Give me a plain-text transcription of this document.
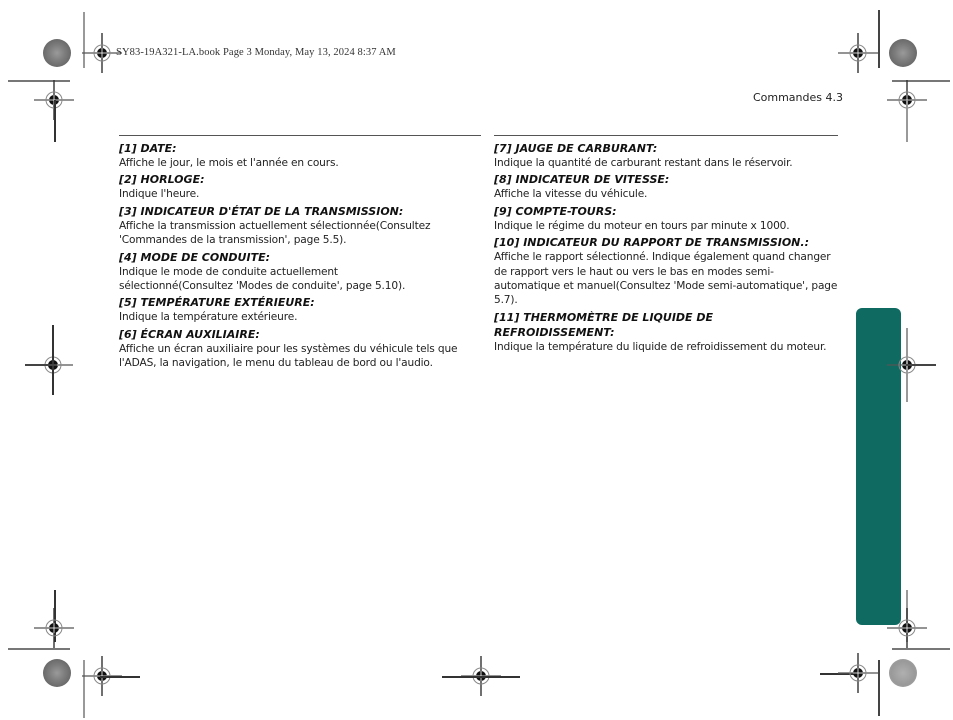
SY83-19A321-LA.book Page 3 Monday, May 13, 2024 8:37 AM
Commandes 4.3
[1] DATE:
Affiche le jour, le mois et l'année en cours.
[2] HORLOGE:
Indique l'heure.
[3] INDICATEUR D'ÉTAT DE LA TRANSMISSION:
Affiche la transmission actuellement sélectionnée(Consultez 'Commandes de la transmission', page 5.5).
[4] MODE DE CONDUITE:
Indique le mode de conduite actuellement sélectionné(Consultez 'Modes de conduite', page 5.10).
[5] TEMPÉRATURE EXTÉRIEURE:
Indique la température extérieure.
[6] ÉCRAN AUXILIAIRE:
Affiche un écran auxiliaire pour les systèmes du véhicule tels que l'ADAS, la navigation, le menu du tableau de bord ou l'audio.
[7] JAUGE DE CARBURANT:
Indique la quantité de carburant restant dans le réservoir.
[8] INDICATEUR DE VITESSE:
Affiche la vitesse du véhicule.
[9] COMPTE-TOURS:
Indique le régime du moteur en tours par minute x 1000.
[10] INDICATEUR DU RAPPORT DE TRANSMISSION.:
Affiche le rapport sélectionné. Indique également quand changer de rapport vers le haut ou vers le bas en modes semi-automatique et manuel(Consultez 'Mode semi-automatique', page 5.7).
[11] THERMOMÈTRE DE LIQUIDE DE REFROIDISSEMENT:
Indique la température du liquide de refroidissement du moteur.
